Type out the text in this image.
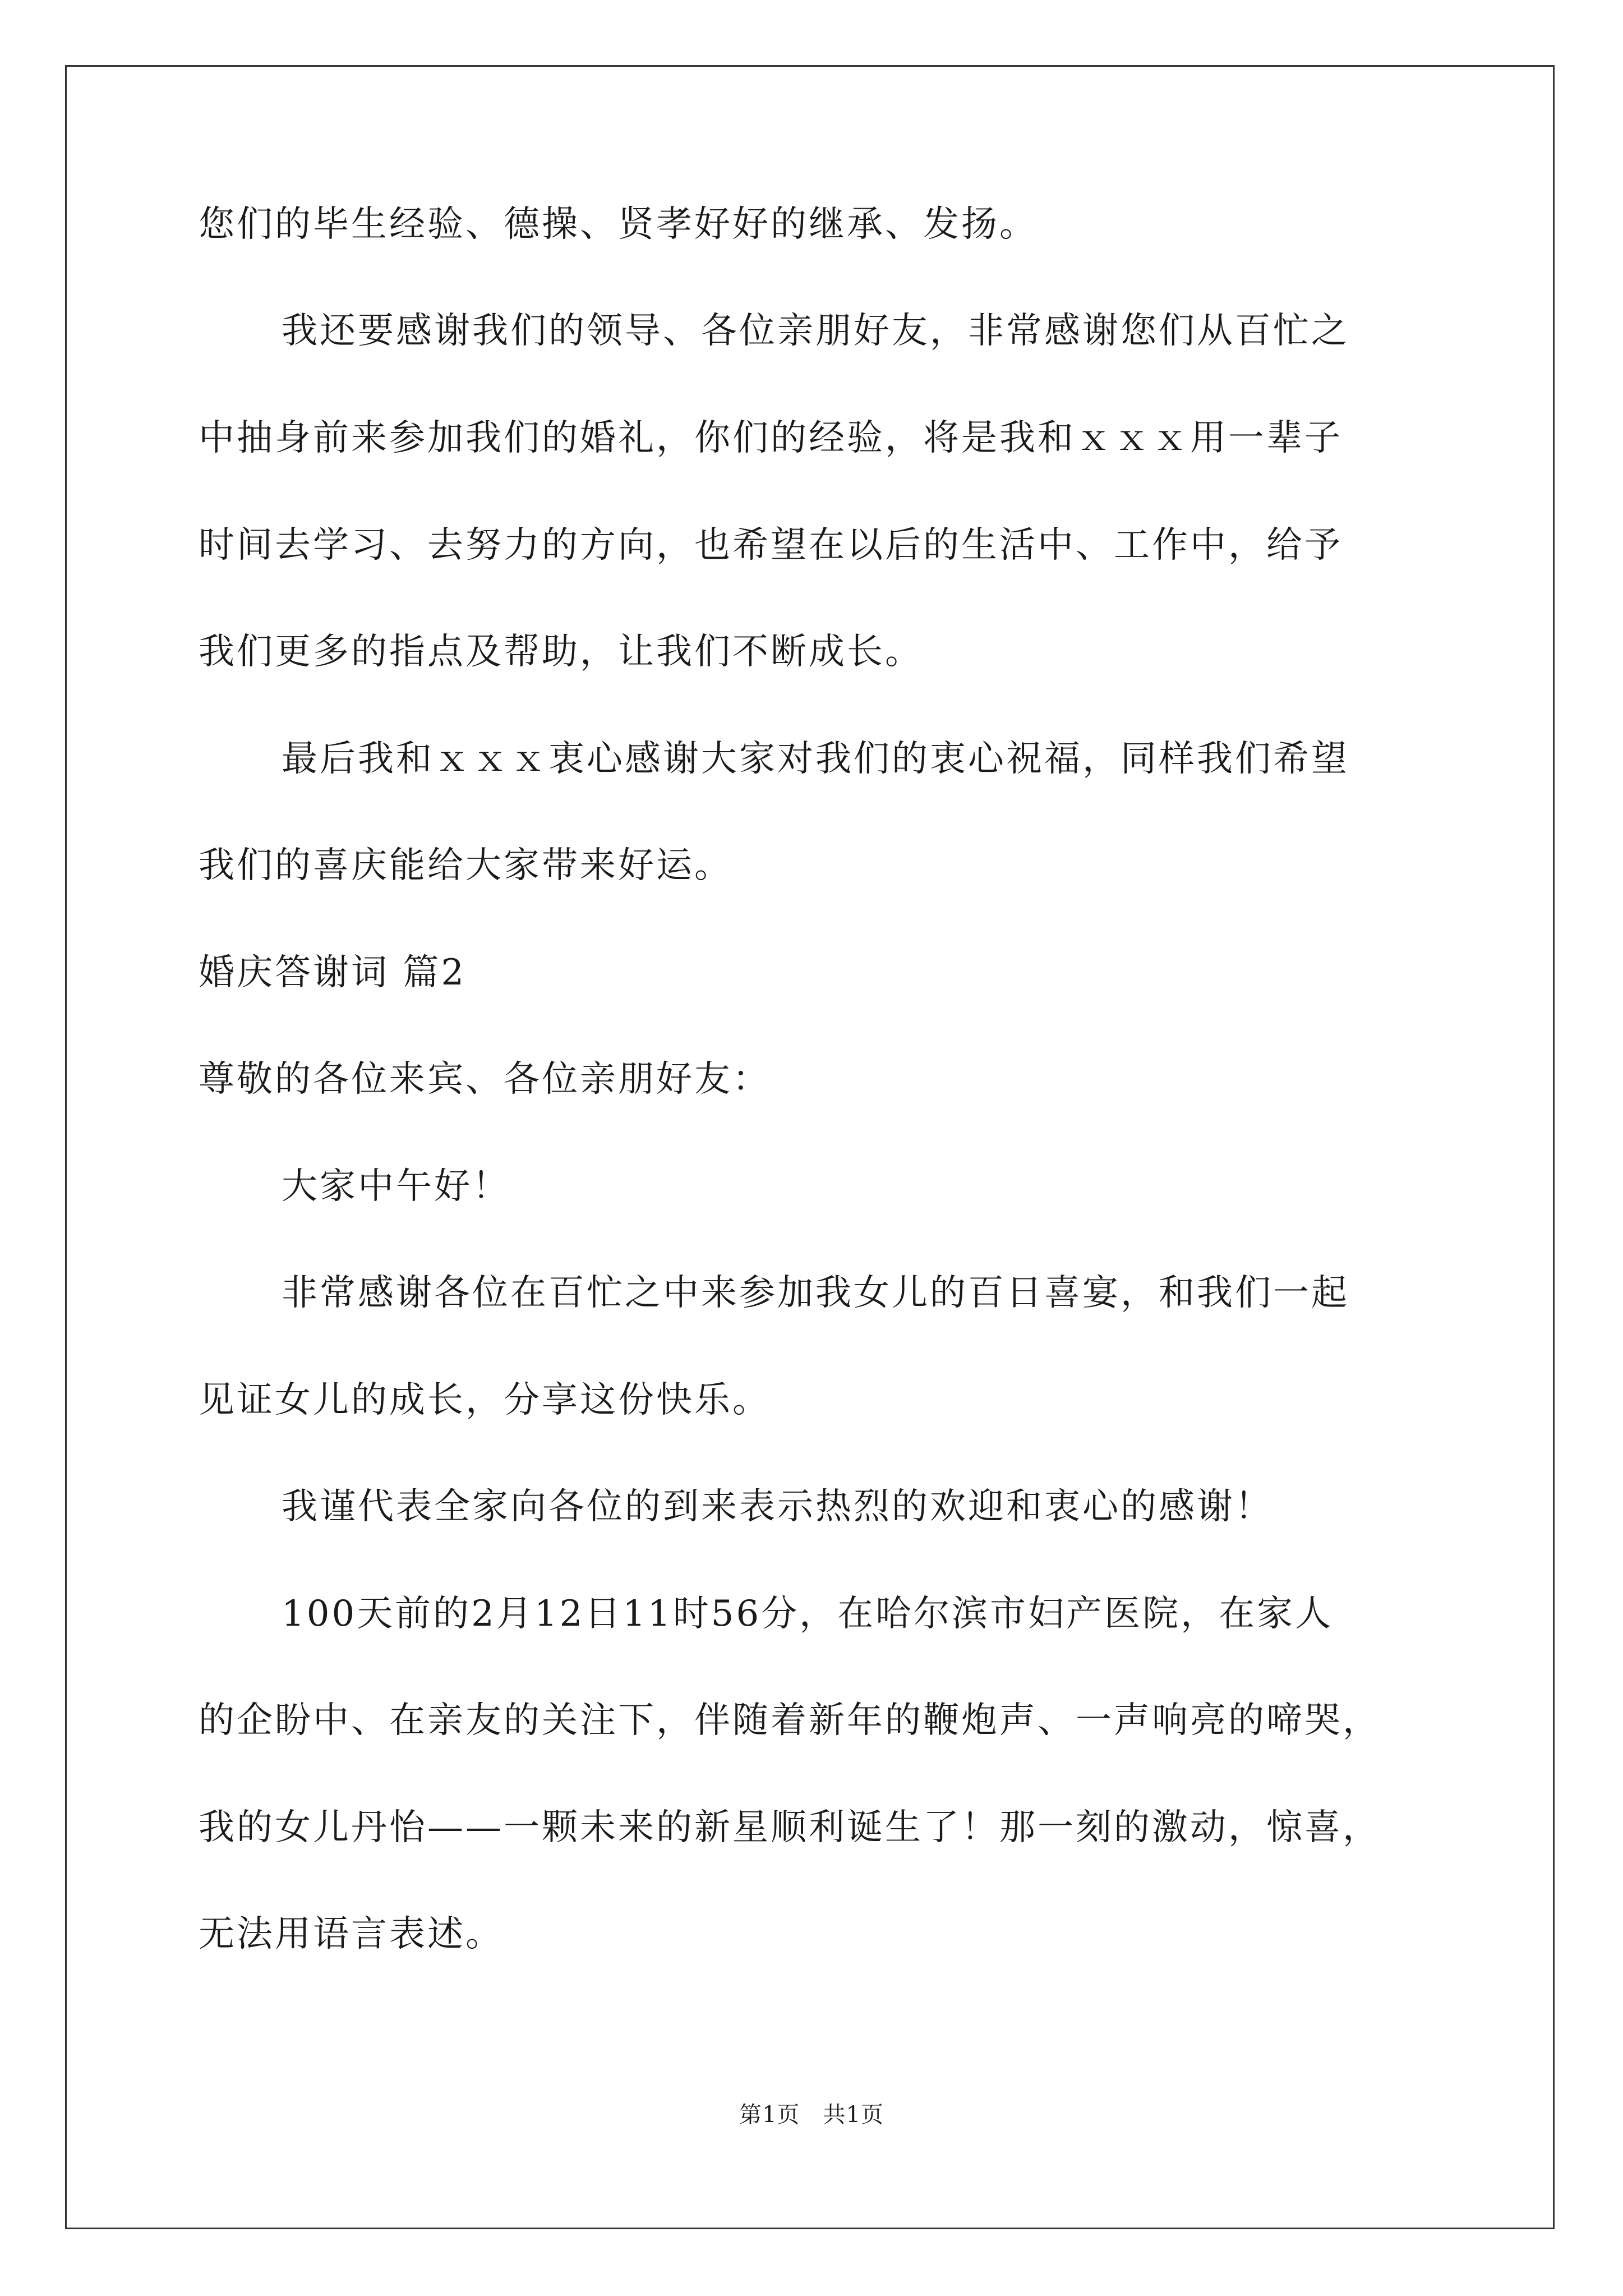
您们的毕生经验、德操、贤孝好好的继承、发扬。
我还要感谢我们的领导、各位亲朋好友，非常感谢您们从百忙之
中抽身前来参加我们的婚礼，你们的经验，将是我和ｘｘｘ用一辈子
时间去学习、去努力的方向，也希望在以后的生活中、工作中，给予
我们更多的指点及帮助，让我们不断成长。
最后我和ｘｘｘ衷心感谢大家对我们的衷心祝福，同样我们希望
我们的喜庆能给大家带来好运。
婚庆答谢词 篇2
尊敬的各位来宾、各位亲朋好友：
大家中午好！
非常感谢各位在百忙之中来参加我女儿的百日喜宴，和我们一起
见证女儿的成长，分享这份快乐。
我谨代表全家向各位的到来表示热烈的欢迎和衷心的感谢！
100天前的2月12日11时56分，在哈尔滨市妇产医院，在家人
的企盼中、在亲友的关注下，伴随着新年的鞭炮声、一声响亮的啼哭，
我的女儿丹怡——一颗未来的新星顺利诞生了！那一刻的激动，惊喜，
无法用语言表述。
第1页   共1页
